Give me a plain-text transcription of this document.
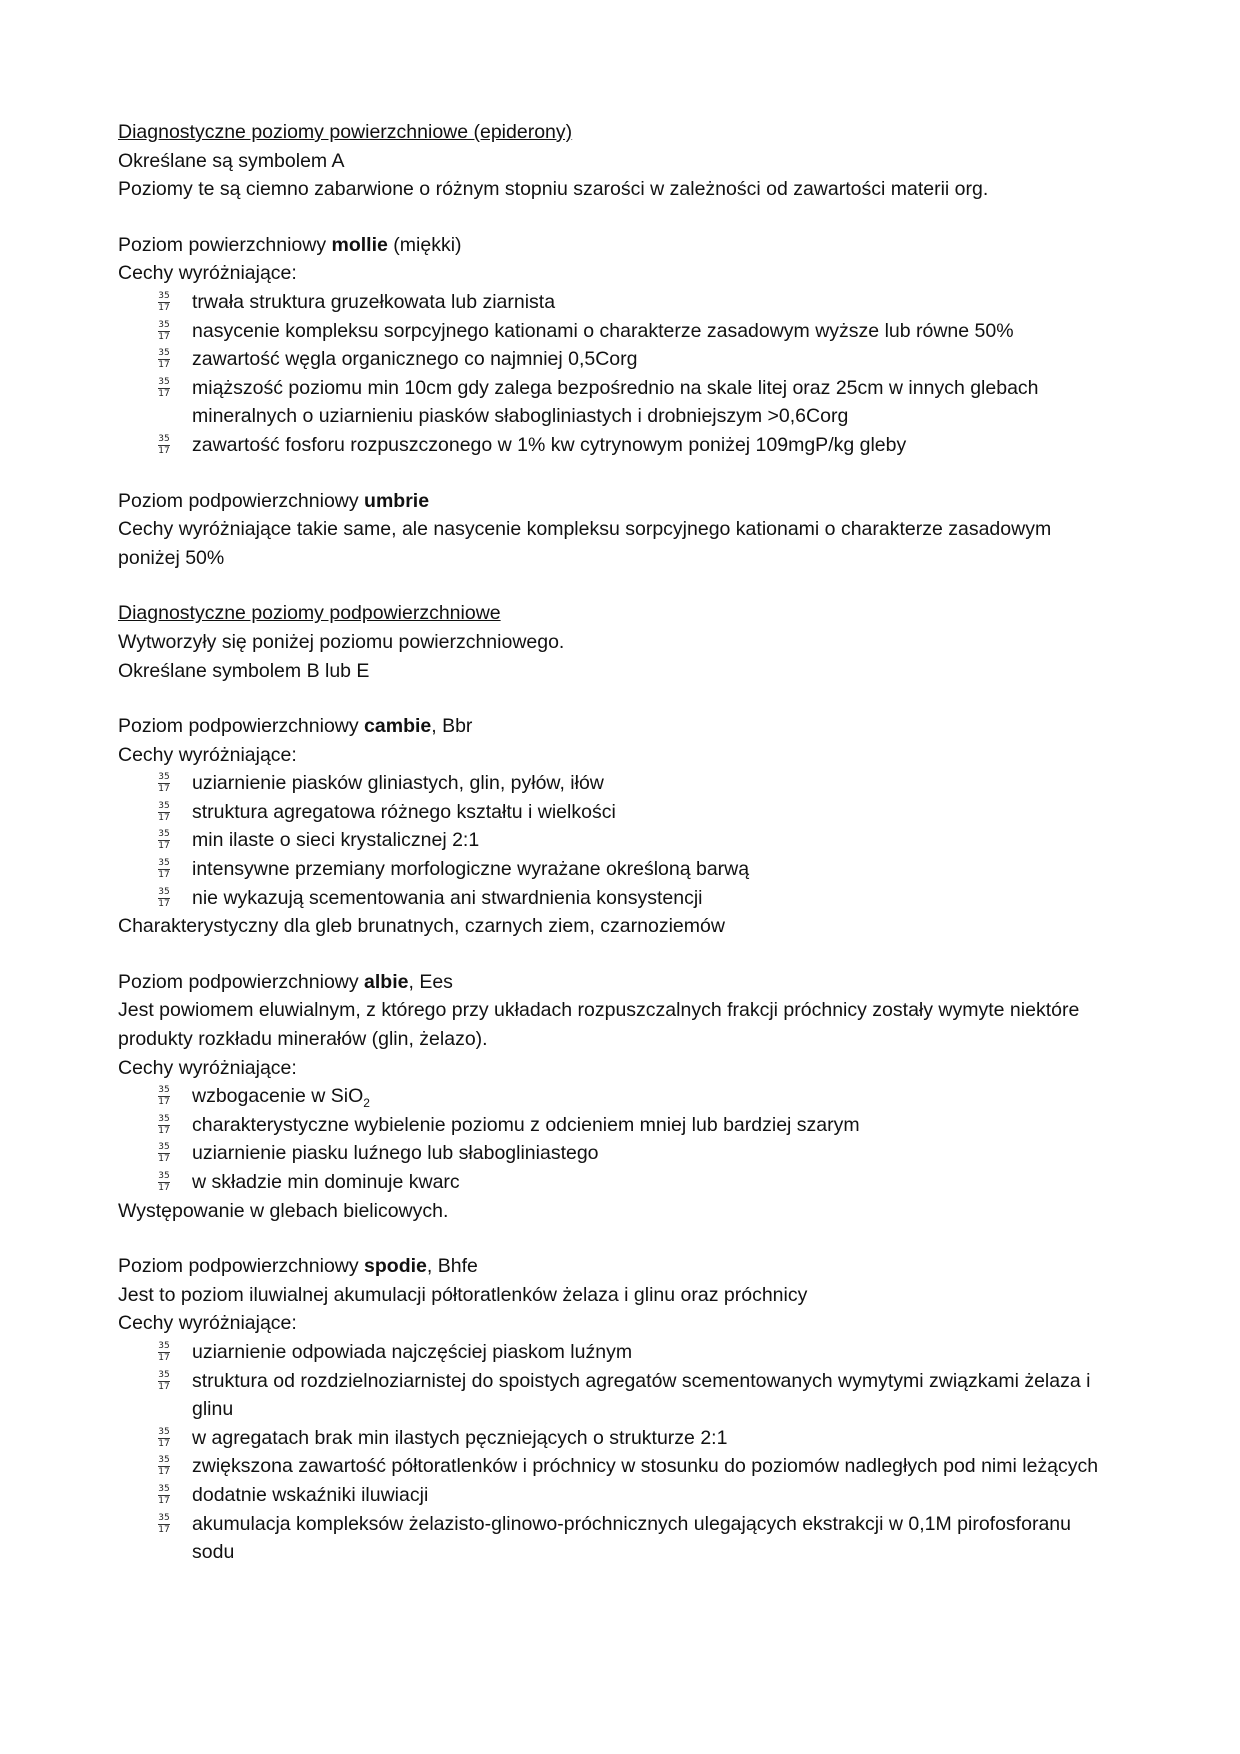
Diagnostyczne poziomy powierzchniowe (epiderony)
Określane są symbolem A
Poziomy te są ciemno zabarwione o różnym stopniu szarości w zależności od zawartości materii org.
Poziom powierzchniowy mollie (miękki)
Cechy wyróżniające:
35
17 trwała struktura gruzełkowata lub ziarnista
35
17 nasycenie kompleksu sorpcyjnego kationami o charakterze zasadowym wyższe lub równe 50%
35
17 zawartość węgla organicznego co najmniej 0,5Corg
35
17 miąższość poziomu min 10cm gdy zalega bezpośrednio na skale litej oraz 25cm w innych glebach mineralnych o uziarnieniu piasków słabogliniastych i drobniejszym >0,6Corg
35
17 zawartość fosforu rozpuszczonego w 1% kw cytrynowym poniżej 109mgP/kg gleby
Poziom podpowierzchniowy umbrie
Cechy wyróżniające takie same, ale nasycenie kompleksu sorpcyjnego kationami o charakterze zasadowym poniżej 50%
Diagnostyczne poziomy podpowierzchniowe
Wytworzyły się poniżej poziomu powierzchniowego.
Określane symbolem B lub E
Poziom podpowierzchniowy cambie, Bbr
Cechy wyróżniające:
35
17 uziarnienie piasków gliniastych, glin, pyłów, iłów
35
17 struktura agregatowa różnego kształtu i wielkości
35
17 min ilaste o sieci krystalicznej 2:1
35
17 intensywne przemiany morfologiczne wyrażane określoną barwą
35
17 nie wykazują scementowania ani stwardnienia konsystencji
Charakterystyczny dla gleb brunatnych, czarnych ziem, czarnoziemów
Poziom podpowierzchniowy albie, Ees
Jest powiomem eluwialnym, z którego przy układach rozpuszczalnych frakcji próchnicy zostały wymyte niektóre produkty rozkładu minerałów (glin, żelazo).
Cechy wyróżniające:
35
17 wzbogacenie w SiO$_2$
35
17 charakterystyczne wybielenie poziomu z odcieniem mniej lub bardziej szarym
35
17 uziarnienie piasku luźnego lub słabogliniastego
35
17 w składzie min dominuje kwarc
Występowanie w glebach bielicowych.
Poziom podpowierzchniowy spodie, Bhfe
Jest to poziom iluwialnej akumulacji półtoratlenków żelaza i glinu oraz próchnicy
Cechy wyróżniające:
35
17 uziarnienie odpowiada najczęściej piaskom luźnym
35
17 struktura od rozdzielnoziarnistej do spoistych agregatów scementowanych wymytymi związkami żelaza i glinu
35
17 w agregatach brak min ilastych pęczniejących o strukturze 2:1
35
17 zwiększona zawartość półtoratlenków i próchnicy w stosunku do poziomów nadległych pod nimi leżących
35
17 dodatnie wskaźniki iluwiacji
35
17 akumulacja kompleksów żelazisto-glinowo-próchnicznych ulegających ekstrakcji w 0,1M pirofosforanu sodu
